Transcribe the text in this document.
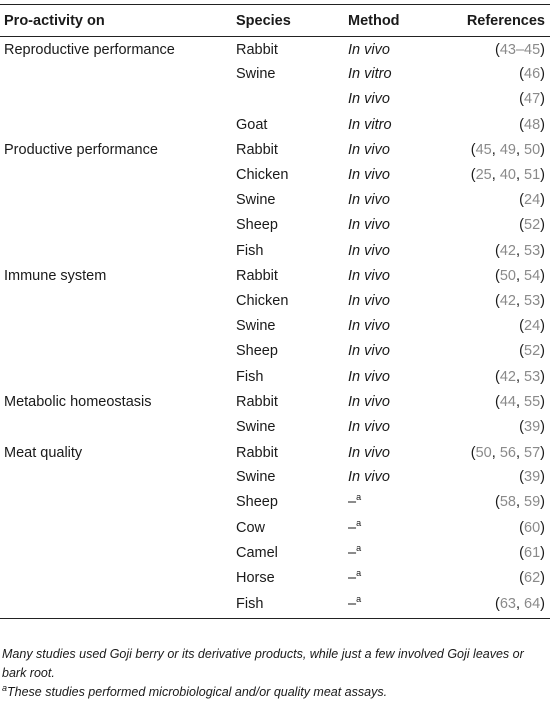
Pro-activity on	Species	Method	References
Reproductive performance	Rabbit	In vivo	(43–45)
	Swine	In vitro	(46)
		In vivo	(47)
	Goat	In vitro	(48)
Productive performance	Rabbit	In vivo	(45, 49, 50)
	Chicken	In vivo	(25, 40, 51)
	Swine	In vivo	(24)
	Sheep	In vivo	(52)
	Fish	In vivo	(42, 53)
Immune system	Rabbit	In vivo	(50, 54)
	Chicken	In vivo	(42, 53)
	Swine	In vivo	(24)
	Sheep	In vivo	(52)
	Fish	In vivo	(42, 53)
Metabolic homeostasis	Rabbit	In vivo	(44, 55)
	Swine	In vivo	(39)
Meat quality	Rabbit	In vivo	(50, 56, 57)
	Swine	In vivo	(39)
	Sheep	–$^a$	(58, 59)
	Cow	–$^a$	(60)
	Camel	–$^a$	(61)
	Horse	–$^a$	(62)
	Fish	–$^a$	(63, 64)

Many studies used Goji berry or its derivative products, while just a few involved Goji leaves or bark root.

$^a$These studies performed microbiological and/or quality meat assays.
